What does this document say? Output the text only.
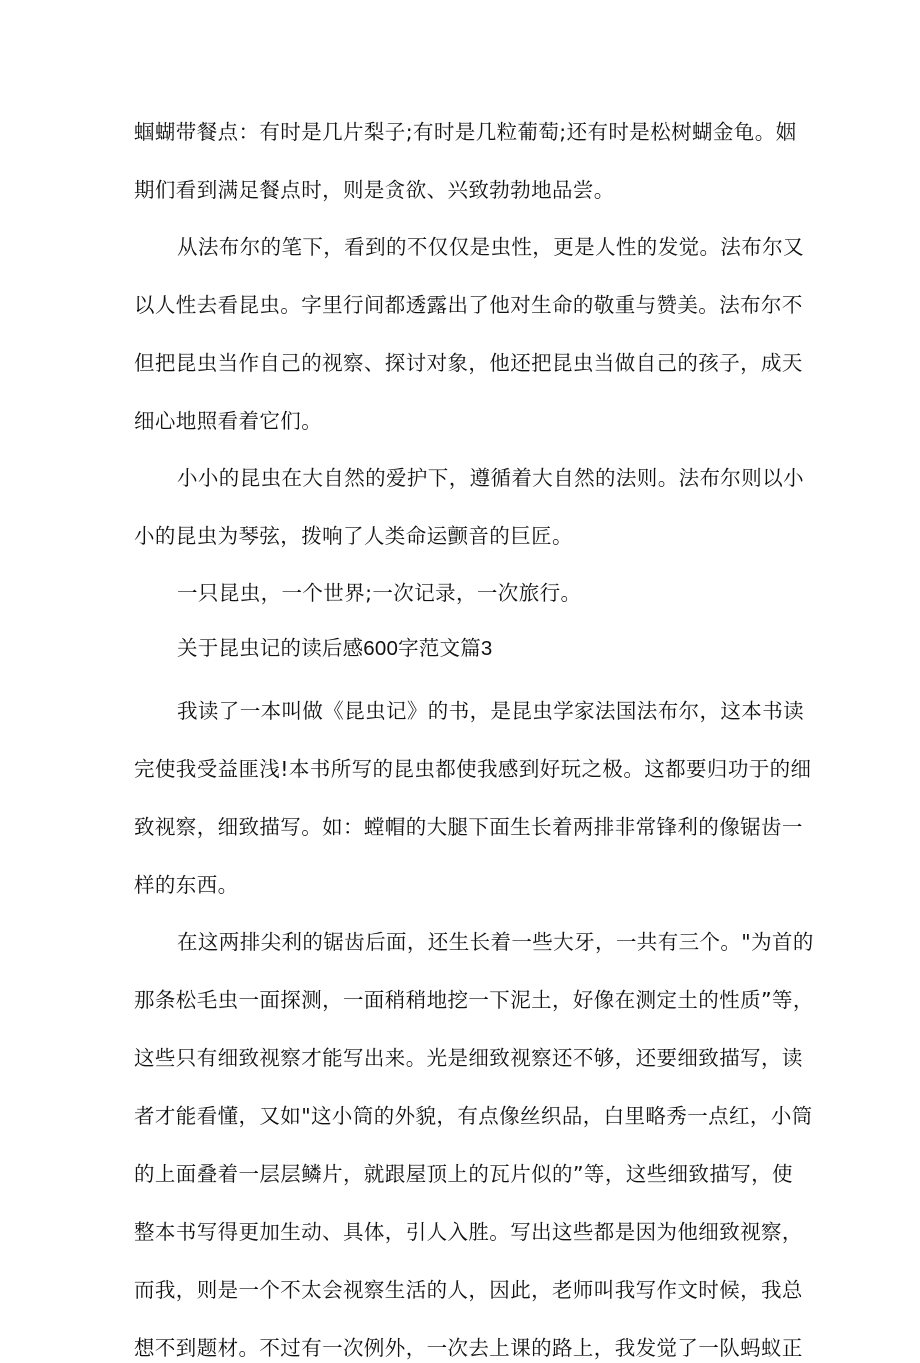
蝈蝴带餐点：有时是几片梨子;有时是几粒葡萄;还有时是松树蝴金龟。姻
期们看到满足餐点时，则是贪欲、兴致勃勃地品尝。
从法布尔的笔下，看到的不仅仅是虫性，更是人性的发觉。法布尔又
以人性去看昆虫。字里行间都透露出了他对生命的敬重与赞美。法布尔不
但把昆虫当作自己的视察、探讨对象，他还把昆虫当做自己的孩子，成天
细心地照看着它们。
小小的昆虫在大自然的爱护下，遵循着大自然的法则。法布尔则以小
小的昆虫为琴弦，拨响了人类命运颤音的巨匠。
一只昆虫，一个世界;一次记录，一次旅行。
关于昆虫记的读后感600字范文篇3
我读了一本叫做《昆虫记》的书，是昆虫学家法国法布尔，这本书读
完使我受益匪浅!本书所写的昆虫都使我感到好玩之极。这都要归功于的细
致视察，细致描写。如：螳帽的大腿下面生长着两排非常锋利的像锯齿一
样的东西。
在这两排尖利的锯齿后面，还生长着一些大牙，一共有三个。"为首的
那条松毛虫一面探测，一面稍稍地挖一下泥土，好像在测定土的性质”等，
这些只有细致视察才能写出来。光是细致视察还不够，还要细致描写，读
者才能看懂，又如"这小筒的外貌，有点像丝织品，白里略秀一点红，小筒
的上面叠着一层层鳞片，就跟屋顶上的瓦片似的”等，这些细致描写，使
整本书写得更加生动、具体，引人入胜。写出这些都是因为他细致视察，
而我，则是一个不太会视察生活的人，因此，老师叫我写作文时候，我总
想不到题材。不过有一次例外，一次去上课的路上，我发觉了一队蚂蚁正
